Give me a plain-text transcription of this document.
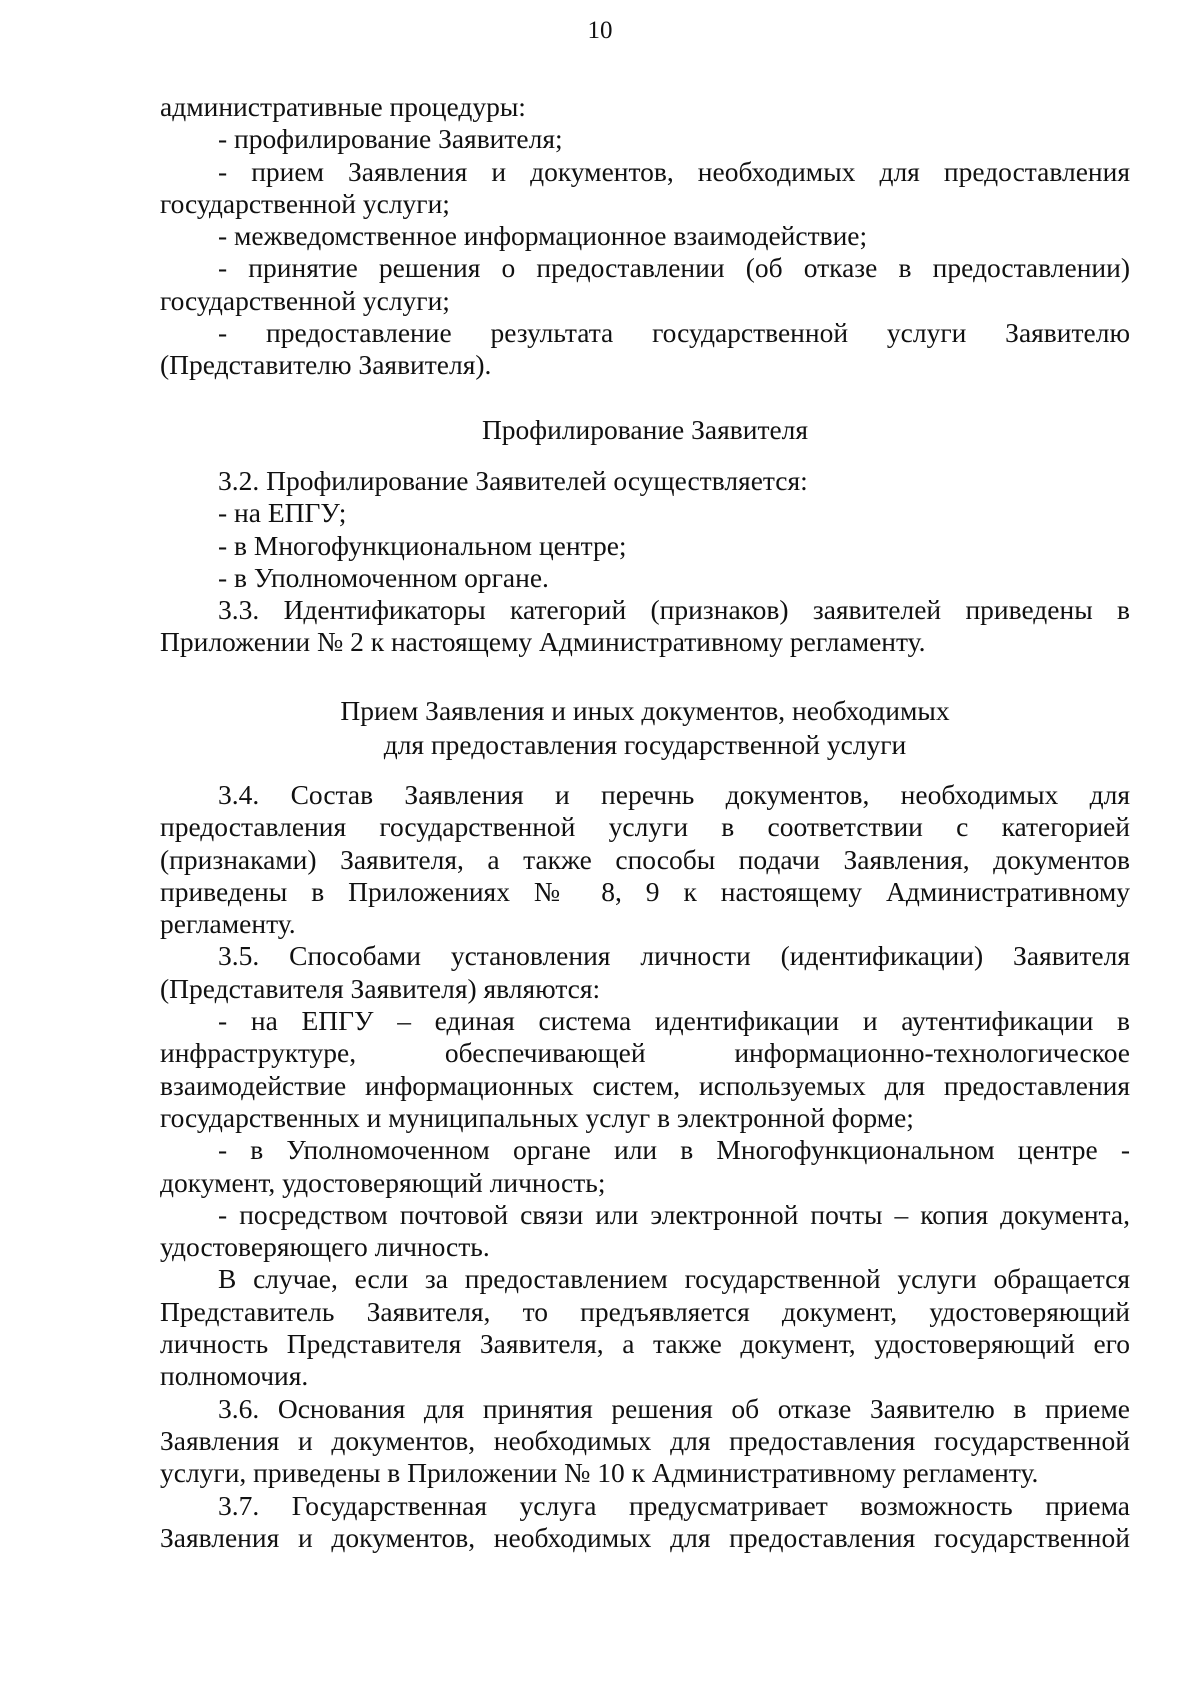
10
административные процедуры:
- профилирование Заявителя;
- прием Заявления и документов, необходимых для предоставления
государственной услуги;
- межведомственное информационное взаимодействие;
- принятие решения о предоставлении (об отказе в предоставлении)
государственной услуги;
- предоставление результата государственной услуги Заявителю
(Представителю Заявителя).
Профилирование Заявителя
3.2. Профилирование Заявителей осуществляется:
- на ЕПГУ;
- в Многофункциональном центре;
- в Уполномоченном органе.
3.3. Идентификаторы категорий (признаков) заявителей приведены в
Приложении № 2 к настоящему Административному регламенту.
Прием Заявления и иных документов, необходимых
для предоставления государственной услуги
3.4. Состав Заявления и перечнь документов, необходимых для
предоставления государственной услуги в соответствии с категорией
(признаками) Заявителя, а также способы подачи Заявления, документов
приведены в Приложениях № 8, 9 к настоящему Административному
регламенту.
3.5. Способами установления личности (идентификации) Заявителя
(Представителя Заявителя) являются:
- на ЕПГУ – единая система идентификации и аутентификации в
инфраструктуре, обеспечивающей информационно-технологическое
взаимодействие информационных систем, используемых для предоставления
государственных и муниципальных услуг в электронной форме;
- в Уполномоченном органе или в Многофункциональном центре -
документ, удостоверяющий личность;
- посредством почтовой связи или электронной почты – копия документа,
удостоверяющего личность.
В случае, если за предоставлением государственной услуги обращается
Представитель Заявителя, то предъявляется документ, удостоверяющий
личность Представителя Заявителя, а также документ, удостоверяющий его
полномочия.
3.6. Основания для принятия решения об отказе Заявителю в приеме
Заявления и документов, необходимых для предоставления государственной
услуги, приведены в Приложении № 10 к Административному регламенту.
3.7. Государственная услуга предусматривает возможность приема
Заявления и документов, необходимых для предоставления государственной
